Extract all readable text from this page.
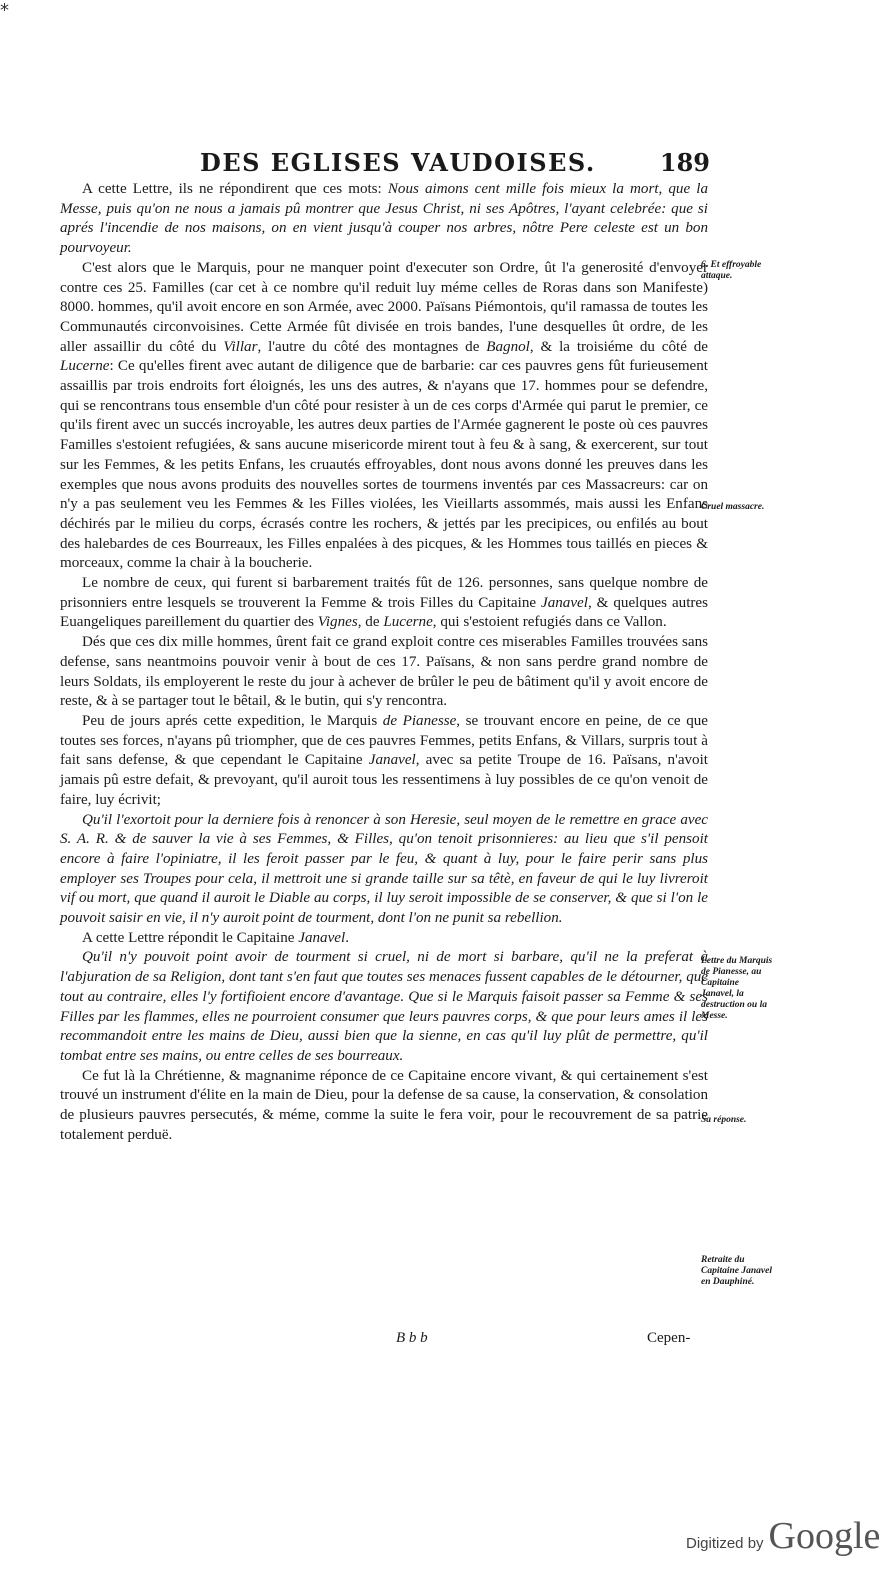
*
DES EGLISES VAUDOISES.	189

A cette Lettre, ils ne répondirent que ces mots: Nous aimons cent mille fois mieux la mort, que la Messe, puis qu'on ne nous a jamais pû montrer que Jesus Christ, ni ses Apôtres, l'ayant celebrée: que si aprés l'incendie de nos maisons, on en vient jusqu'à couper nos arbres, nôtre Pere celeste est un bon pourvoyeur.

C'est alors que le Marquis, pour ne manquer point d'executer son Ordre, ût l'a generosité d'envoyer contre ces 25. Familles (car cet à ce nombre qu'il reduit luy méme celles de Roras dans son Manifeste) 8000. hommes, qu'il avoit encore en son Armée, avec 2000. Païsans Piémontois, qu'il ramassa de toutes les Communautés circonvoisines. Cette Armée fût divisée en trois bandes, l'une desquelles ût ordre, de les aller assaillir du côté du Villar, l'autre du côté des montagnes de Bagnol, & la troisiéme du côté de Lucerne: Ce qu'elles firent avec autant de diligence que de barbarie: car ces pauvres gens fût furieusement assaillis par trois endroits fort éloignés, les uns des autres, & n'ayans que 17. hommes pour se defendre, qui se rencontrans tous ensemble d'un côté pour resister à un de ces corps d'Armée qui parut le premier, ce qu'ils firent avec un succés incroyable, les autres deux parties de l'Armée gagnerent le poste où ces pauvres Familles s'estoient refugiées, & sans aucune misericorde mirent tout à feu & à sang, & exercerent, sur tout sur les Femmes, & les petits Enfans, les cruautés effroyables, dont nous avons donné les preuves dans les exemples que nous avons produits des nouvelles sortes de tourmens inventés par ces Massacreurs: car on n'y a pas seulement veu les Femmes & les Filles violées, les Vieillarts assommés, mais aussi les Enfans déchirés par le milieu du corps, écrasés contre les rochers, & jettés par les precipices, ou enfilés au bout des halebardes de ces Bourreaux, les Filles enpalées à des picques, & les Hommes tous taillés en pieces & morceaux, comme la chair à la boucherie.

Le nombre de ceux, qui furent si barbarement traités fût de 126. personnes, sans quelque nombre de prisonniers entre lesquels se trouverent la Femme & trois Filles du Capitaine Janavel, & quelques autres Euangeliques pareillement du quartier des Vignes, de Lucerne, qui s'estoient refugiés dans ce Vallon.

Dés que ces dix mille hommes, ûrent fait ce grand exploit contre ces miserables Familles trouvées sans defense, sans neantmoins pouvoir venir à bout de ces 17. Païsans, & non sans perdre grand nombre de leurs Soldats, ils employerent le reste du jour à achever de brûler le peu de bâtiment qu'il y avoit encore de reste, & à se partager tout le bêtail, & le butin, qui s'y rencontra.

Peu de jours aprés cette expedition, le Marquis de Pianesse, se trouvant encore en peine, de ce que toutes ses forces, n'ayans pû triompher, que de ces pauvres Femmes, petits Enfans, & Villars, surpris tout à fait sans defense, & que cependant le Capitaine Janavel, avec sa petite Troupe de 16. Païsans, n'avoit jamais pû estre defait, & prevoyant, qu'il auroit tous les ressentimens à luy possibles de ce qu'on venoit de faire, luy écrivit;

Qu'il l'exortoit pour la derniere fois à renoncer à son Heresie, seul moyen de le remettre en grace avec S. A. R. & de sauver la vie à ses Femmes, & Filles, qu'on tenoit prisonnieres: au lieu que s'il pensoit encore à faire l'opiniatre, il les feroit passer par le feu, & quant à luy, pour le faire perir sans plus employer ses Troupes pour cela, il mettroit une si grande taille sur sa têtè, en faveur de qui le luy livreroit vif ou mort, que quand il auroit le Diable au corps, il luy seroit impossible de se conserver, & que si l'on le pouvoit saisir en vie, il n'y auroit point de tourment, dont l'on ne punit sa rebellion.

A cette Lettre répondit le Capitaine Janavel.

Qu'il n'y pouvoit point avoir de tourment si cruel, ni de mort si barbare, qu'il ne la preferat à l'abjuration de sa Religion, dont tant s'en faut que toutes ses menaces fussent capables de le détourner, que tout au contraire, elles l'y fortifioient encore d'avantage. Que si le Marquis faisoit passer sa Femme & ses Filles par les flammes, elles ne pourroient consumer que leurs pauvres corps, & que pour leurs ames il les recommandoit entre les mains de Dieu, aussi bien que la sienne, en cas qu'il luy plût de permettre, qu'il tombat entre ses mains, ou entre celles de ses bourreaux.

Ce fut là la Chrétienne, & magnanime réponce de ce Capitaine encore vivant, & qui certainement s'est trouvé un instrument d'élite en la main de Dieu, pour la defense de sa cause, la conservation, & consolation de plusieurs pauvres persecutés, & méme, comme la suite le fera voir, pour le recouvrement de sa patrie totalement perduë.

6. Et effroyable attaque.
Cruel massacre.
Lettre du Marquis de Pianesse, au Capitaine Janavel, la destruction ou la Messe.
Sa réponse.
Retraite du Capitaine Janavel en Dauphiné.
B b b	Cepen-
Digitized by Google
